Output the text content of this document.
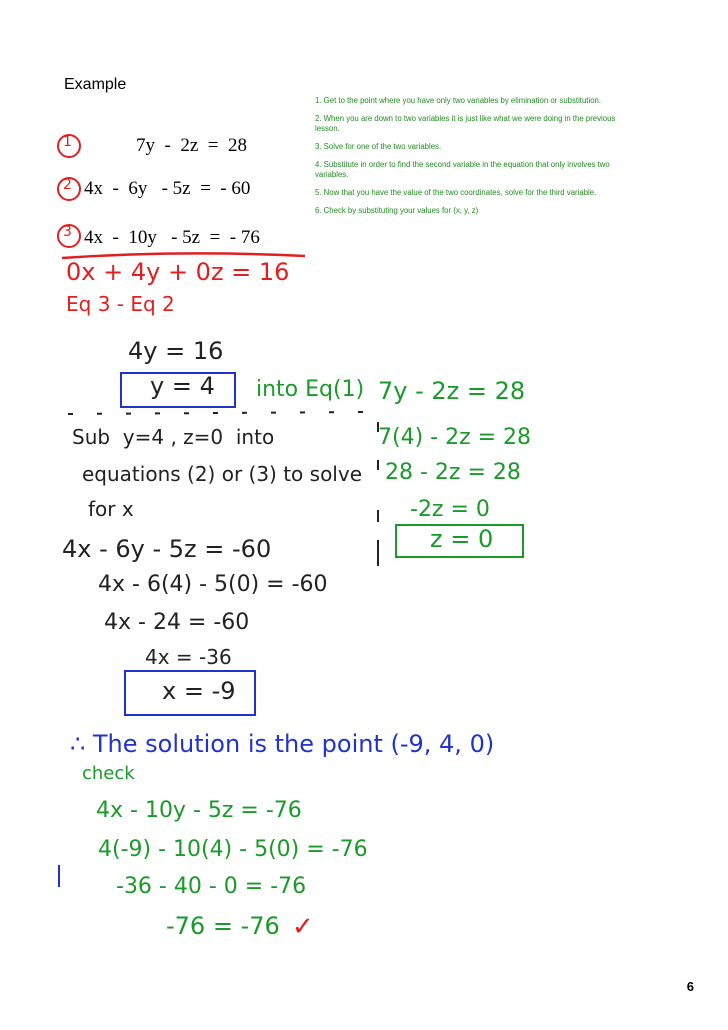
Example
1	7y  -  2z  =  28
2 4x  -  6y   - 5z  =  - 60
3 4x  -  10y   - 5z  =  - 76
1. Get to the point where you have only two variables by elimination or substitution.
2. When you are down to two variables it is just like what we were doing in the previous lesson.
3. Solve for one of the two variables.
4. Substitute in order to find the second variable in the equation that only involves two variables.
5. Now that you have the value of the two coordinates, solve for the third variable.
6. Check by substituting your values for (x, y, z)
0x + 4y + 0z = 16
Eq 3 - Eq 2
4y = 16
y = 4 into Eq(1) 7y - 2z = 28
7(4) - 2z = 28
28 - 2z = 28
-2z = 0
z = 0
Sub  y=4 , z=0  into
equations (2) or (3) to solve
for x
4x - 6y - 5z = -60
4x - 6(4) - 5(0) = -60
4x - 24 = -60
4x = -36
x = -9
∴ The solution is the point (-9, 4, 0)
check
4x - 10y - 5z = -76
4(-9) - 10(4) - 5(0) = -76
-36 - 40 - 0 = -76
-76 = -76 ✓
6
